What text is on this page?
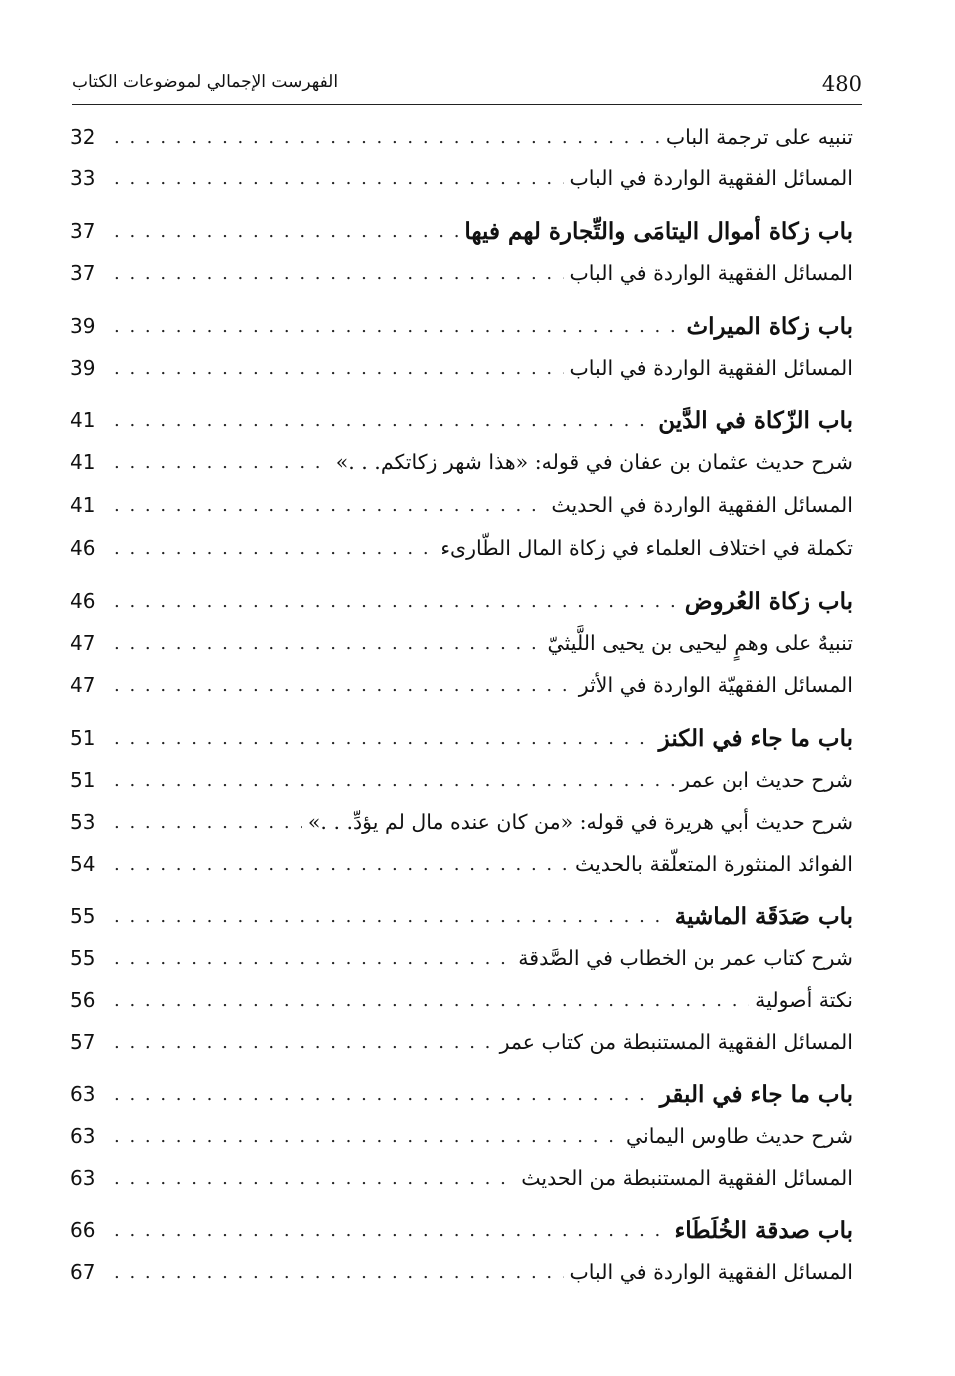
480
الفهرست الإجمالي لموضوعات الكتاب
تنبيه على ترجمة الباب
. . .
32
المسائل الفقهية الواردة في الباب
. . .
33
باب زكاة أموال اليتامَى والتِّجارة لهم فيها
. . .
37
المسائل الفقهية الواردة في الباب
. . .
37
باب زكاة الميراث
. . .
39
المسائل الفقهية الواردة في الباب
. . .
39
باب الزّكاة في الدَّين
. . .
41
شرح حديث عثمان بن عفان في قوله: «هذا شهر زكاتكم. . .»
. . .
41
المسائل الفقهية الواردة في الحديث
. . .
41
تكملة في اختلاف العلماء في زكاة المال الطّارىء
. . .
46
باب زكاة العُروض
. . .
46
تنبيهٌ على وهمٍ ليحيى بن يحيى اللَّيثيّ
. . .
47
المسائل الفقهيّة الواردة في الأثر
. . .
47
باب ما جاء في الكنز
. . .
51
شرح حديث ابن عمر
. . .
51
شرح حديث أبي هريرة في قوله: «من كان عنده مال لم يؤدِّ. . .»
. . .
53
الفوائد المنثورة المتعلّقة بالحديث
. . .
54
باب صَدَقَة الماشية
. . .
55
شرح كتاب عمر بن الخطاب في الصَّدقة
. . .
55
نكتة أصولية
. . .
56
المسائل الفقهية المستنبطة من كتاب عمر
. . .
57
باب ما جاء في البقر
. . .
63
شرح حديث طاوس اليماني
. . .
63
المسائل الفقهية المستنبطة من الحديث
. . .
63
باب صدقة الخُلَطَاء
. . .
66
المسائل الفقهية الواردة في الباب
. . .
67
